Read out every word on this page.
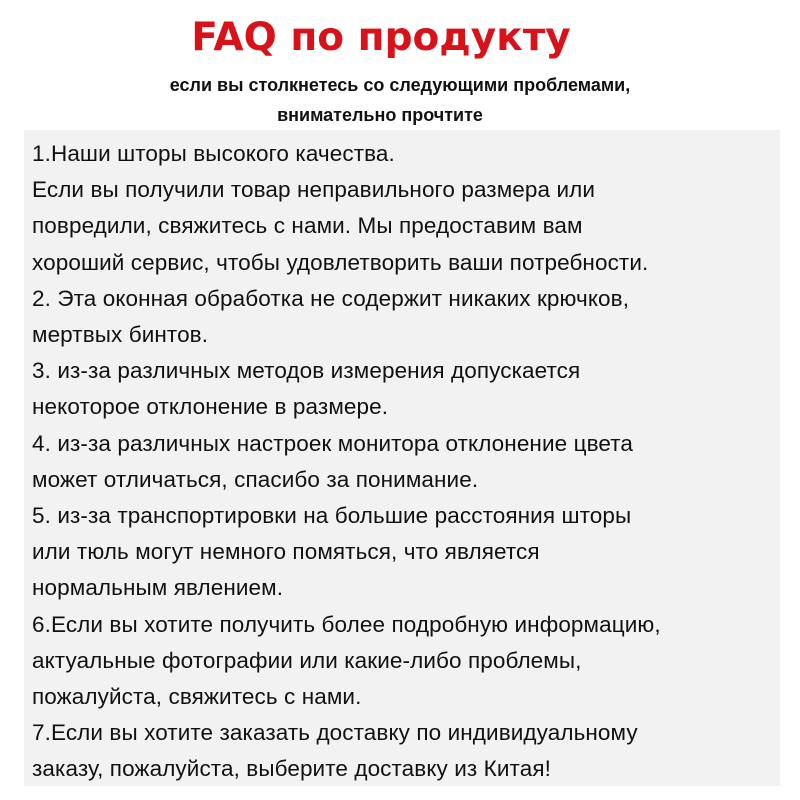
FAQ по продукту
если вы столкнетесь со следующими проблемами,
внимательно прочтите
1.Наши шторы высокого качества.
Если вы получили товар неправильного размера или
повредили, свяжитесь с нами. Мы предоставим вам
хороший сервис, чтобы удовлетворить ваши потребности.
2. Эта оконная обработка не содержит никаких крючков,
мертвых бинтов.
3. из-за различных методов измерения допускается
некоторое отклонение в размере.
4. из-за различных настроек монитора отклонение цвета
может отличаться, спасибо за понимание.
5. из-за транспортировки на большие расстояния шторы
или тюль могут немного помяться, что является
нормальным явлением.
6.Если вы хотите получить более подробную информацию,
актуальные фотографии или какие-либо проблемы,
пожалуйста, свяжитесь с нами.
7.Если вы хотите заказать доставку по индивидуальному
заказу, пожалуйста, выберите доставку из Китая!
